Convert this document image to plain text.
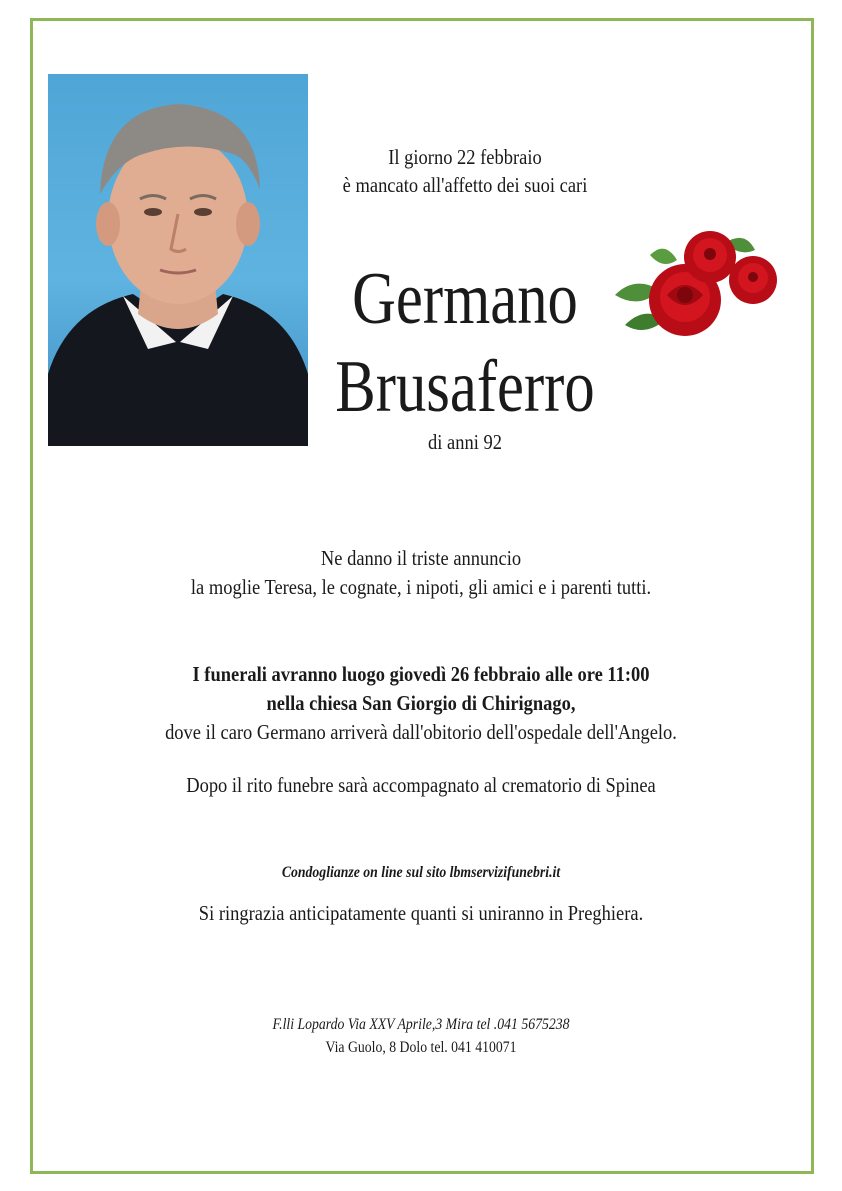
Il giorno 22 febbraio
è mancato all'affetto dei suoi cari
Germano
Brusaferro
di anni 92
Ne danno il triste annuncio
la moglie Teresa, le cognate, i nipoti, gli amici e i parenti tutti.
I funerali avranno luogo giovedì 26 febbraio alle ore 11:00
nella chiesa San Giorgio di Chirignago,
dove il caro Germano arriverà dall'obitorio dell'ospedale dell'Angelo.
Dopo il rito funebre sarà accompagnato al crematorio di Spinea
Condoglianze on line sul sito lbmservizifunebri.it
Si ringrazia anticipatamente quanti si uniranno in Preghiera.
F.lli Lopardo Via XXV Aprile,3 Mira tel .041 5675238
Via Guolo, 8 Dolo tel. 041 410071
